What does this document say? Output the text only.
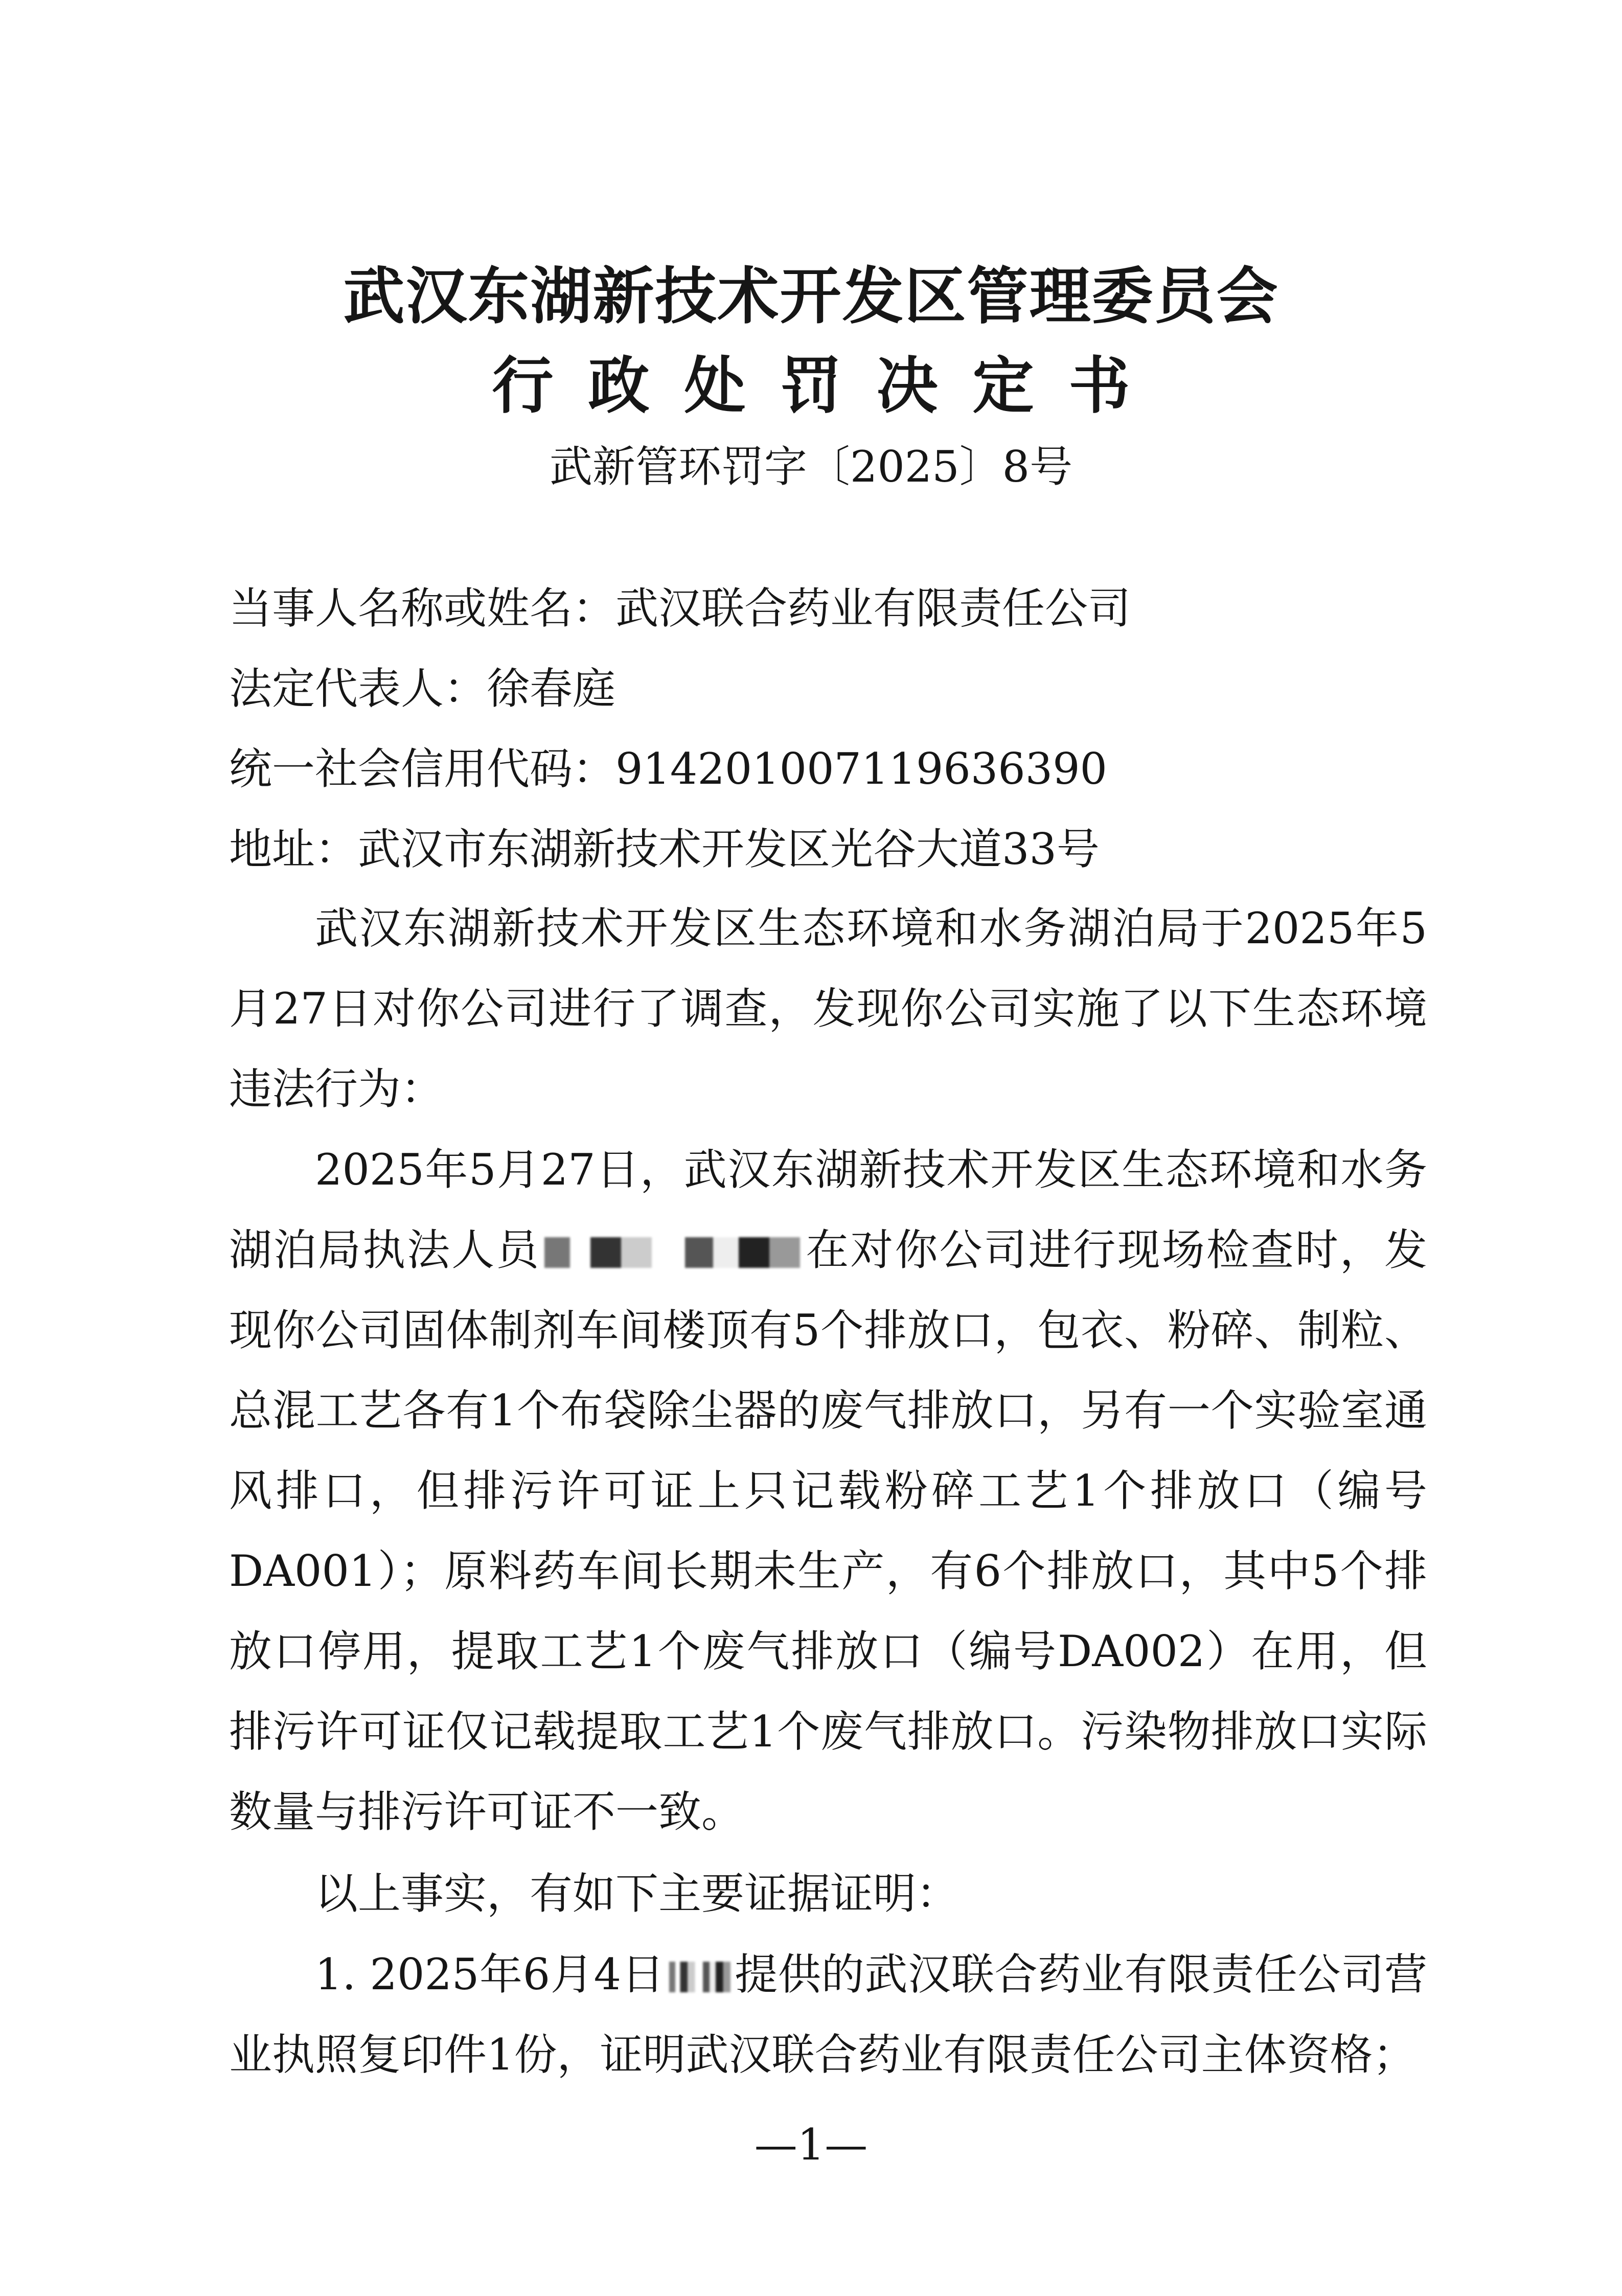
武汉东湖新技术开发区管理委员会
行政处罚决定书
武新管环罚字〔2025〕8号
当事人名称或姓名：武汉联合药业有限责任公司
法定代表人：徐春庭
统一社会信用代码：914201007119636390
地址：武汉市东湖新技术开发区光谷大道33号
武汉东湖新技术开发区生态环境和水务湖泊局于2025年5月27日对你公司进行了调查，发现你公司实施了以下生态环境违法行为：
2025年5月27日，武汉东湖新技术开发区生态环境和水务湖泊局执法人员	在对你公司进行现场检查时，发现你公司固体制剂车间楼顶有5个排放口，包衣、粉碎、制粒、总混工艺各有1个布袋除尘器的废气排放口，另有一个实验室通风排口，但排污许可证上只记载粉碎工艺1个排放口（编号DA001）；原料药车间长期未生产，有6个排放口，其中5个排放口停用，提取工艺1个废气排放口（编号DA002）在用，但排污许可证仅记载提取工艺1个废气排放口。污染物排放口实际数量与排污许可证不一致。
以上事实，有如下主要证据证明：
1. 2025年6月4日 提供的武汉联合药业有限责任公司营业执照复印件1份，证明武汉联合药业有限责任公司主体资格；
—1—
